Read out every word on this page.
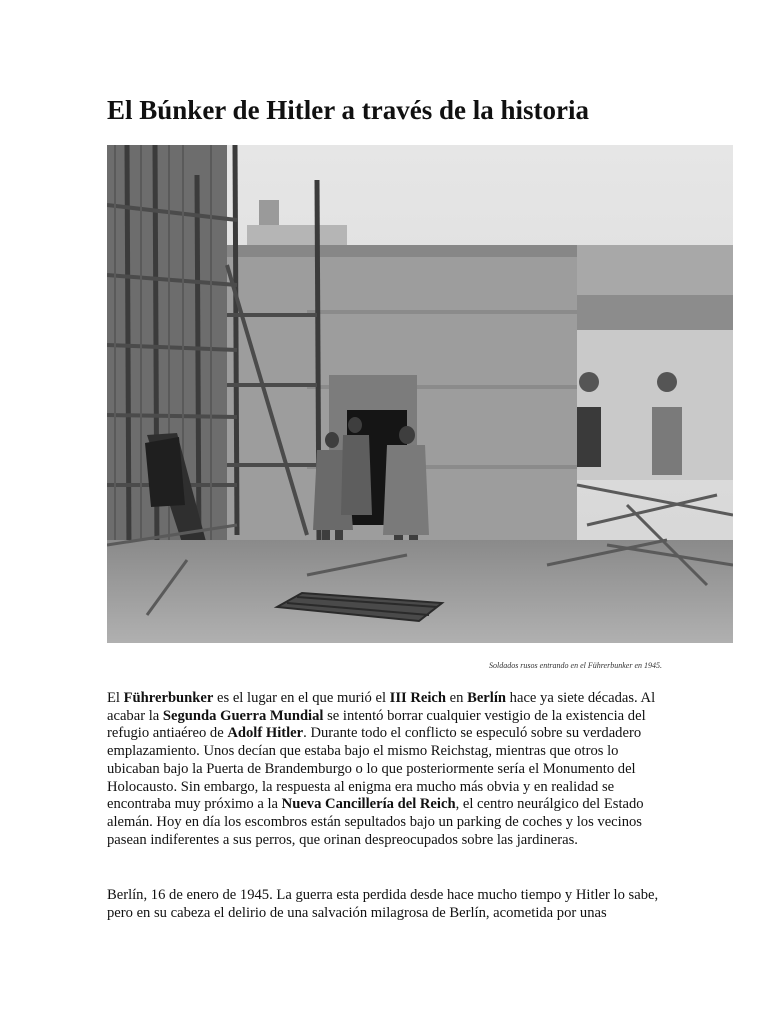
El Búnker de Hitler a través de la historia
Soldados rusos entrando en el Führerbunker en 1945.

El Führerbunker es el lugar en el que murió el III Reich en Berlín hace ya siete décadas. Al acabar la Segunda Guerra Mundial se intentó borrar cualquier vestigio de la existencia del refugio antiaéreo de Adolf Hitler. Durante todo el conflicto se especuló sobre su verdadero emplazamiento. Unos decían que estaba bajo el mismo Reichstag, mientras que otros lo ubicaban bajo la Puerta de Brandemburgo o lo que posteriormente sería el Monumento del Holocausto. Sin embargo, la respuesta al enigma era mucho más obvia y en realidad se encontraba muy próximo a la Nueva Cancillería del Reich, el centro neurálgico del Estado alemán. Hoy en día los escombros están sepultados bajo un parking de coches y los vecinos pasean indiferentes a sus perros, que orinan despreocupados sobre las jardineras.

Berlín, 16 de enero de 1945. La guerra esta perdida desde hace mucho tiempo y Hitler lo sabe, pero en su cabeza el delirio de una salvación milagrosa de Berlín, acometida por unas
